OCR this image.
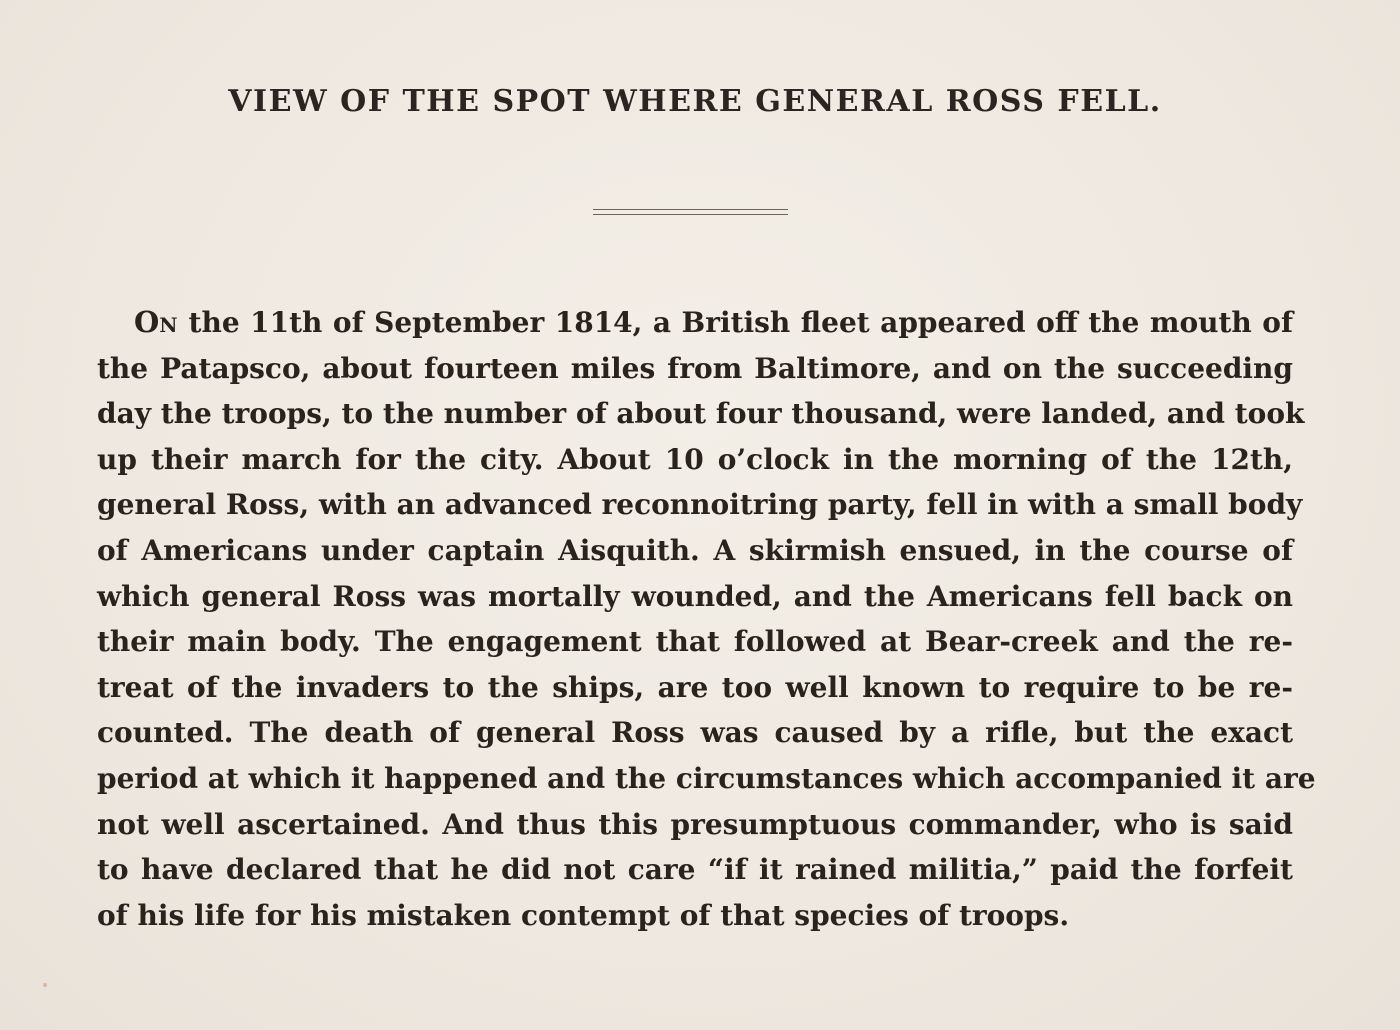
VIEW OF THE SPOT WHERE GENERAL ROSS FELL.
ON the 11th of September 1814, a British fleet appeared off the mouth of
the Patapsco, about fourteen miles from Baltimore, and on the succeeding
day the troops, to the number of about four thousand, were landed, and took
up their march for the city. About 10 o’clock in the morning of the 12th,
general Ross, with an advanced reconnoitring party, fell in with a small body
of Americans under captain Aisquith. A skirmish ensued, in the course of
which general Ross was mortally wounded, and the Americans fell back on
their main body. The engagement that followed at Bear-creek and the re-
treat of the invaders to the ships, are too well known to require to be re-
counted. The death of general Ross was caused by a rifle, but the exact
period at which it happened and the circumstances which accompanied it are
not well ascertained. And thus this presumptuous commander, who is said
to have declared that he did not care “if it rained militia,” paid the forfeit
of his life for his mistaken contempt of that species of troops.
